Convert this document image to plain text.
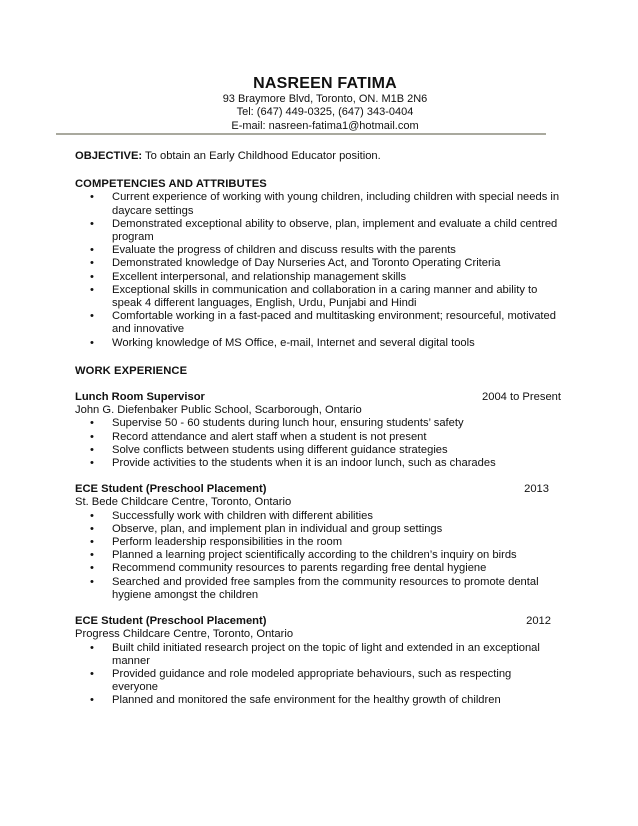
NASREEN FATIMA
93 Braymore Blvd, Toronto, ON. M1B 2N6
Tel: (647) 449-0325, (647) 343-0404
E-mail: nasreen-fatima1@hotmail.com

OBJECTIVE: To obtain an Early Childhood Educator position.

COMPETENCIES AND ATTRIBUTES
• Current experience of working with young children, including children with special needs in daycare settings
• Demonstrated exceptional ability to observe, plan, implement and evaluate a child centred program
• Evaluate the progress of children and discuss results with the parents
• Demonstrated knowledge of Day Nurseries Act, and Toronto Operating Criteria
• Excellent interpersonal, and relationship management skills
• Exceptional skills in communication and collaboration in a caring manner and ability to speak 4 different languages, English, Urdu, Punjabi and Hindi
• Comfortable working in a fast-paced and multitasking environment; resourceful, motivated and innovative
• Working knowledge of MS Office, e-mail, Internet and several digital tools
WORK EXPERIENCE
Lunch Room Supervisor	2004 to Present
John G. Diefenbaker Public School, Scarborough, Ontario
• Supervise 50 - 60 students during lunch hour, ensuring students’ safety
• Record attendance and alert staff when a student is not present
• Solve conflicts between students using different guidance strategies
• Provide activities to the students when it is an indoor lunch, such as charades
ECE Student (Preschool Placement)	2013
St. Bede Childcare Centre, Toronto, Ontario
• Successfully work with children with different abilities
• Observe, plan, and implement plan in individual and group settings
• Perform leadership responsibilities in the room
• Planned a learning project scientifically according to the children’s inquiry on birds
• Recommend community resources to parents regarding free dental hygiene
• Searched and provided free samples from the community resources to promote dental hygiene amongst the children
ECE Student (Preschool Placement)	2012
Progress Childcare Centre, Toronto, Ontario
• Built child initiated research project on the topic of light and extended in an exceptional manner
• Provided guidance and role modeled appropriate behaviours, such as respecting everyone
• Planned and monitored the safe environment for the healthy growth of children
